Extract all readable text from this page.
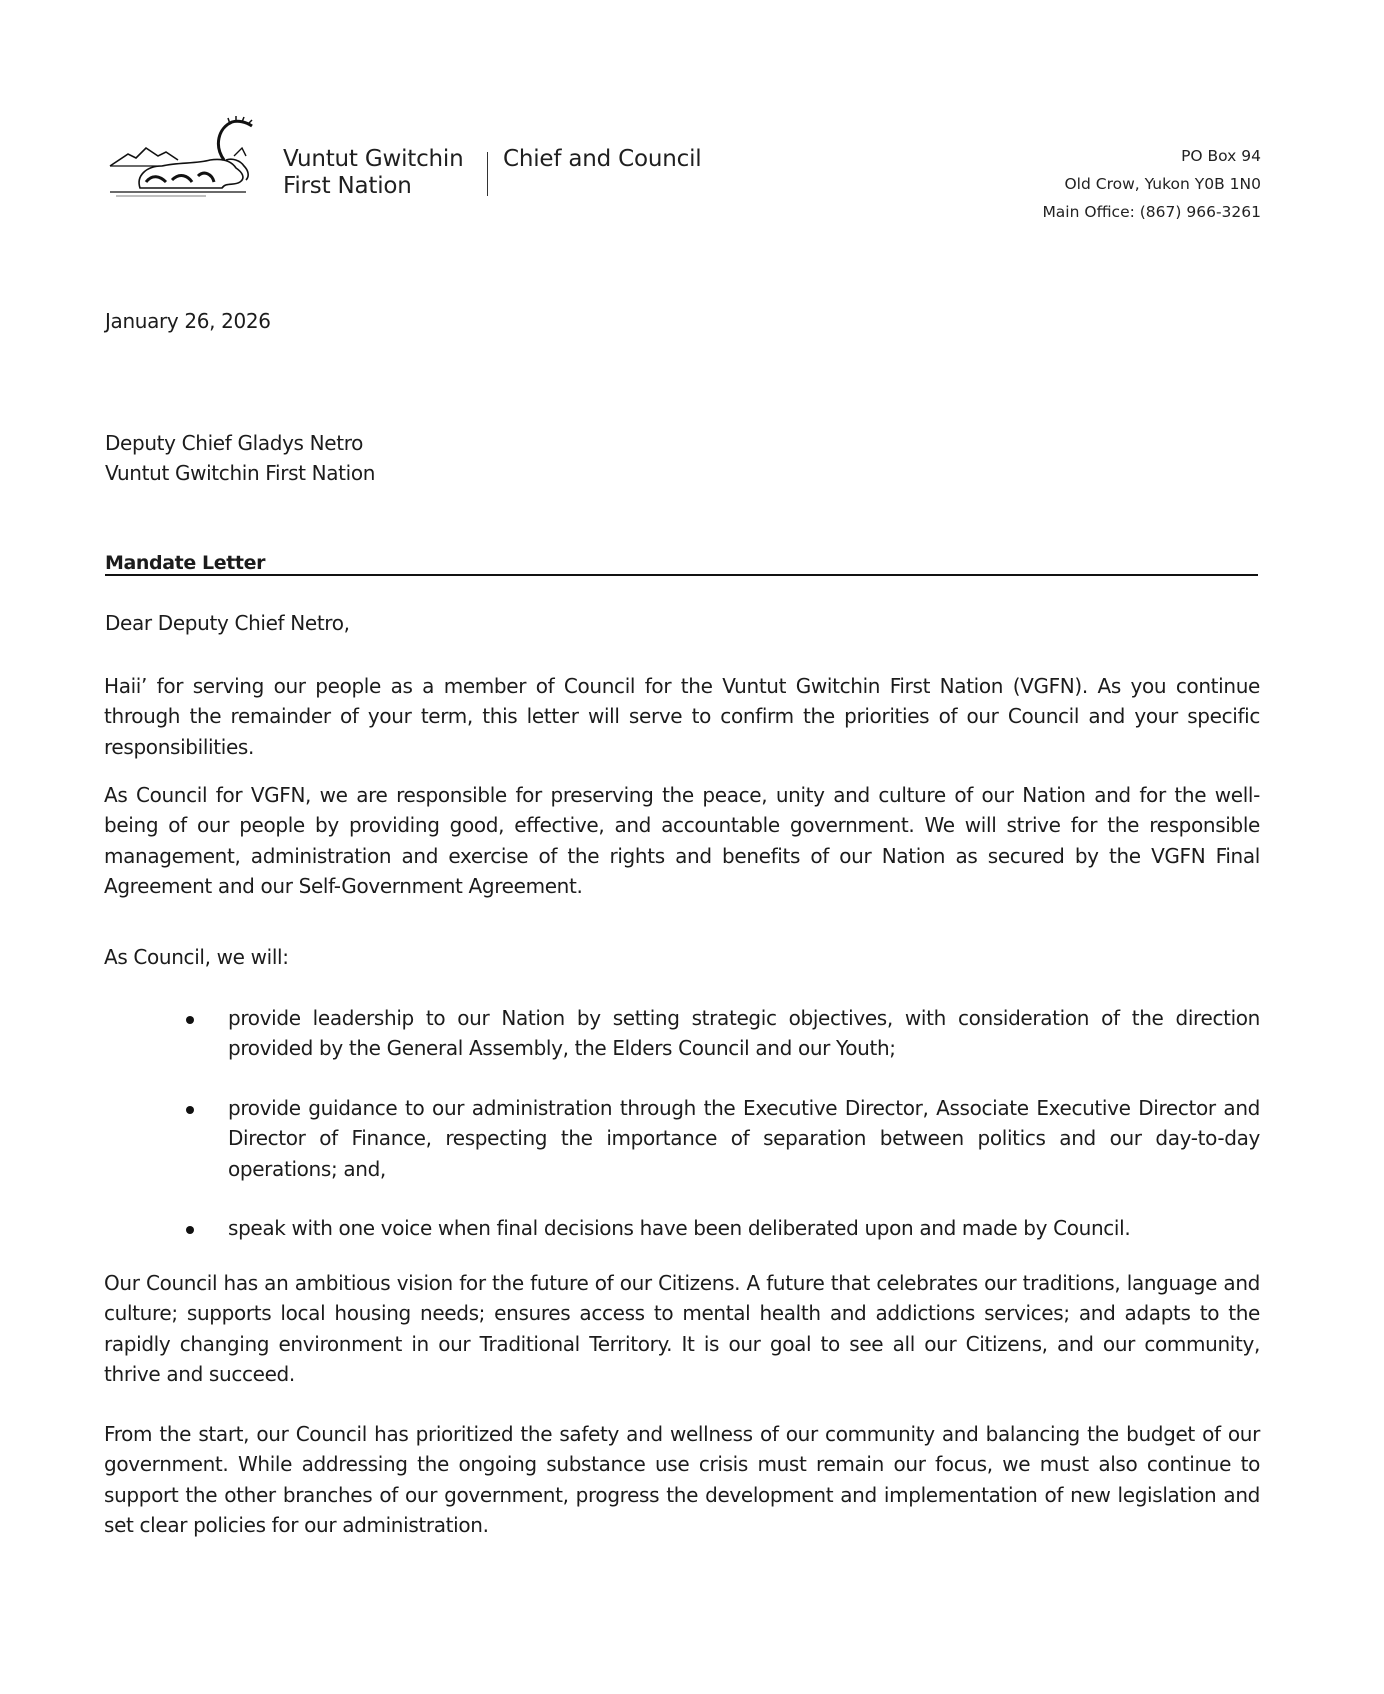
Vuntut Gwitchin
First Nation
Chief and Council	PO Box 94
Old Crow, Yukon Y0B 1N0
Main Office: (867) 966-3261
January 26, 2026
Deputy Chief Gladys Netro
Vuntut Gwitchin First Nation
Mandate Letter
Dear Deputy Chief Netro,
Haii’ for serving our people as a member of Council for the Vuntut Gwitchin First Nation (VGFN). As you continue through the remainder of your term, this letter will serve to confirm the priorities of our Council and your specific responsibilities.
As Council for VGFN, we are responsible for preserving the peace, unity and culture of our Nation and for the well-being of our people by providing good, effective, and accountable government. We will strive for the responsible management, administration and exercise of the rights and benefits of our Nation as secured by the VGFN Final Agreement and our Self-Government Agreement.
As Council, we will:
provide leadership to our Nation by setting strategic objectives, with consideration of the direction provided by the General Assembly, the Elders Council and our Youth;
provide guidance to our administration through the Executive Director, Associate Executive Director and Director of Finance, respecting the importance of separation between politics and our day-to-day operations; and,
speak with one voice when final decisions have been deliberated upon and made by Council.
Our Council has an ambitious vision for the future of our Citizens. A future that celebrates our traditions, language and culture; supports local housing needs; ensures access to mental health and addictions services; and adapts to the rapidly changing environment in our Traditional Territory. It is our goal to see all our Citizens, and our community, thrive and succeed.
From the start, our Council has prioritized the safety and wellness of our community and balancing the budget of our government. While addressing the ongoing substance use crisis must remain our focus, we must also continue to support the other branches of our government, progress the development and implementation of new legislation and set clear policies for our administration.
